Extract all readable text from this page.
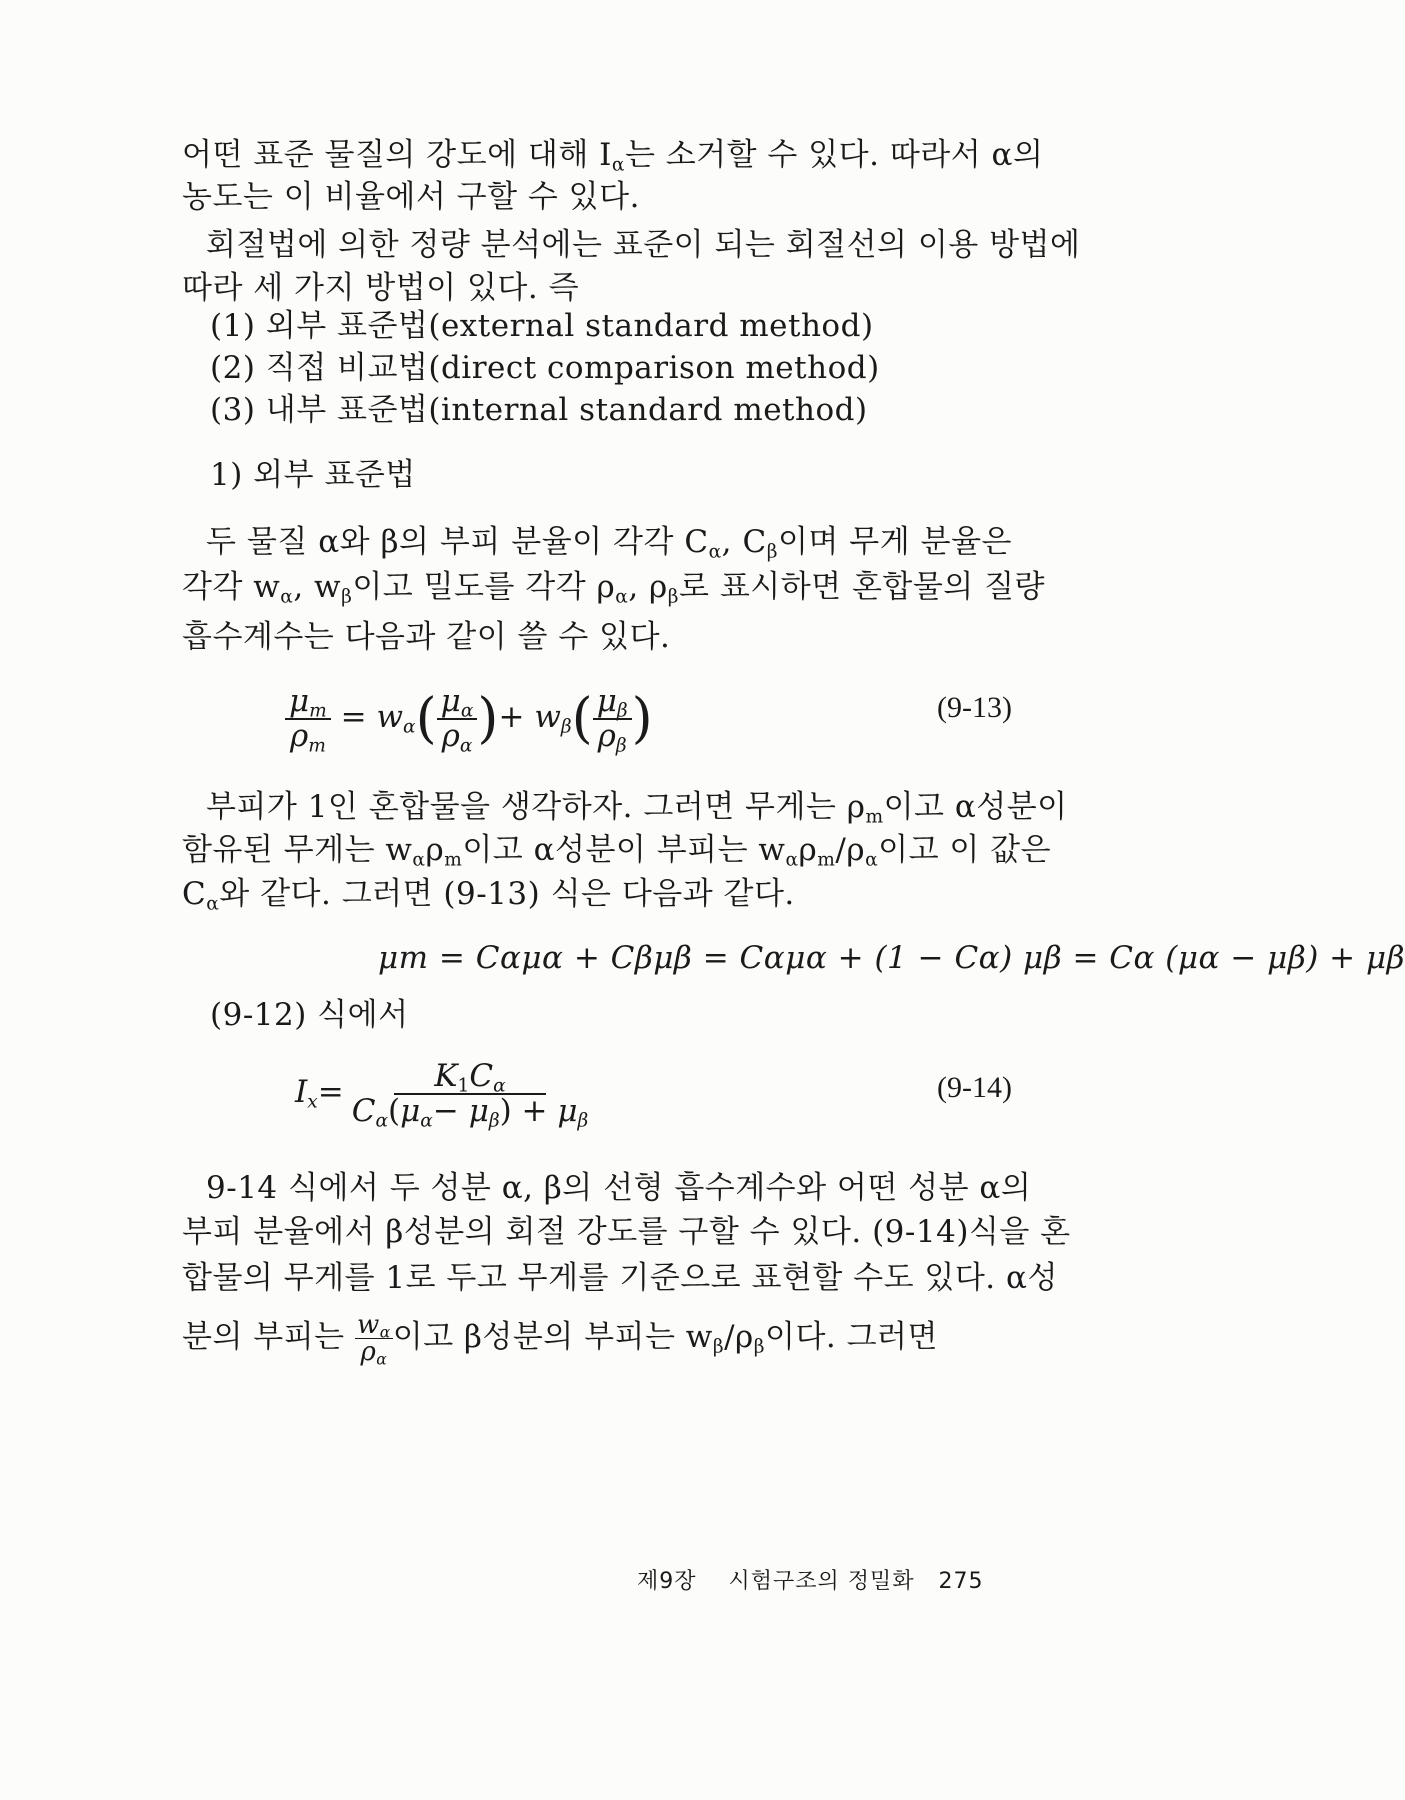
어떤 표준 물질의 강도에 대해 $I_\alpha$는 소거할 수 있다. 따라서 α의
농도는 이 비율에서 구할 수 있다.
회절법에 의한 정량 분석에는 표준이 되는 회절선의 이용 방법에
따라 세 가지 방법이 있다. 즉
(1) 외부 표준법(external standard method)
(2) 직접 비교법(direct comparison method)
(3) 내부 표준법(internal standard method)
1) 외부 표준법
두 물질 α와 β의 부피 분율이 각각 $C_\alpha$, $C_\beta$이며 무게 분율은
각각 $w_\alpha$, $w_\beta$이고 밀도를 각각 $\rho_\alpha$, $\rho_\beta$로 표시하면 혼합물의 질량
흡수계수는 다음과 같이 쓸 수 있다.
$\frac{\mu_m}{\rho_m} = w_\alpha( \frac{\mu_\alpha}{\rho_\alpha}$ )+ $w_\beta( \frac{\mu_\beta}{\rho_\beta}$ )	(9-13)
부피가 1인 혼합물을 생각하자. 그러면 무게는 $\rho_m$이고 α성분이
함유된 무게는 $w_\alpha\rho_m$이고 α성분이 부피는 $w_\alpha\rho_m/\rho_\alpha$이고 이 값은
$C_\alpha$와 같다. 그러면 (9-13) 식은 다음과 같다.
μm = Cαμα + Cβμβ = Cαμα + (1 − Cα) μβ = Cα (μα − μβ) + μβ
(9-12) 식에서
$I_x= \frac{K_1C_\alpha}{C_\alpha(\mu_\alpha- \mu_\beta) + \mu_\beta}$	(9-14)
9-14 식에서 두 성분 α, β의 선형 흡수계수와 어떤 성분 α의
부피 분율에서 β성분의 회절 강도를 구할 수 있다. (9-14)식을 혼
합물의 무게를 1로 두고 무게를 기준으로 표현할 수도 있다. α성
분의 부피는 $\frac{w_\alpha}{\rho_\alpha}$ 이고 β성분의 부피는 $w_\beta/\rho_\beta$이다. 그러면
제9장 시험구조의 정밀화 275
